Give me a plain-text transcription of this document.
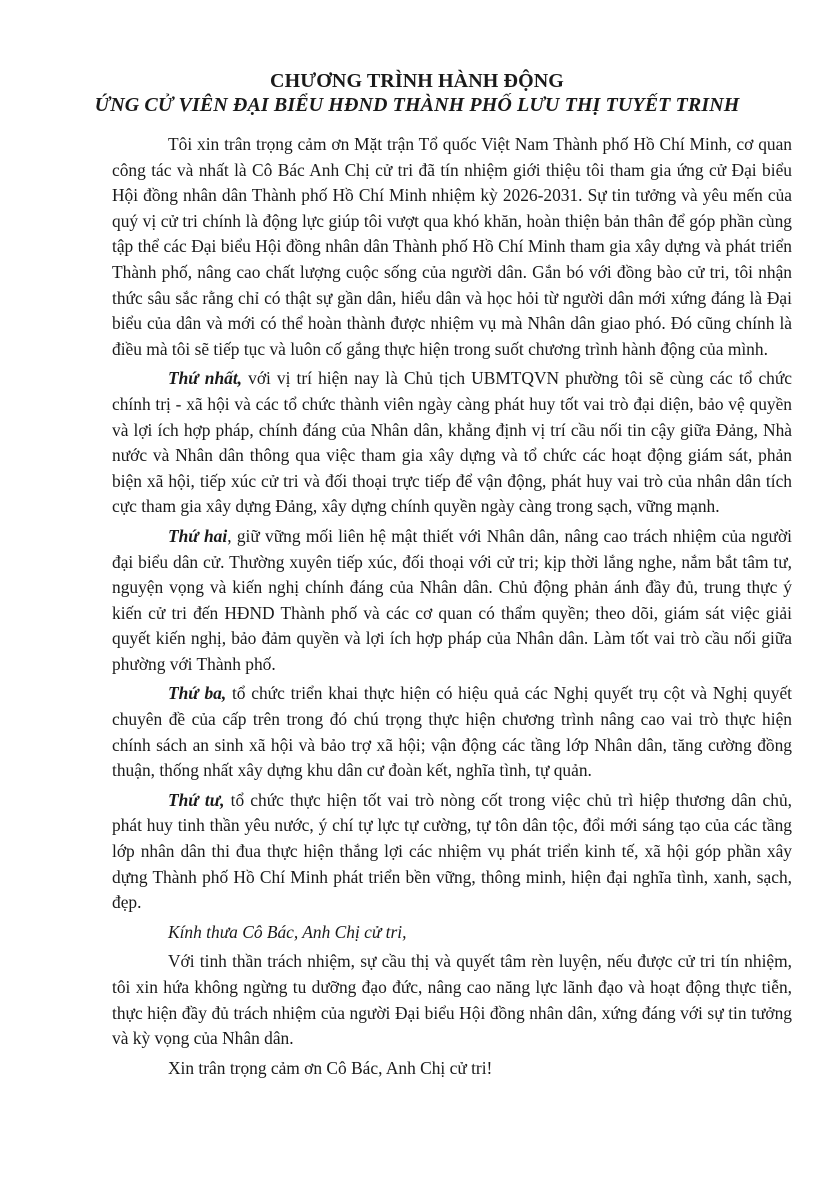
CHƯƠNG TRÌNH HÀNH ĐỘNG
ỨNG CỬ VIÊN ĐẠI BIỂU HĐND THÀNH PHỐ LƯU THỊ TUYẾT TRINH

Tôi xin trân trọng cảm ơn Mặt trận Tổ quốc Việt Nam Thành phố Hồ Chí Minh, cơ quan công tác và nhất là Cô Bác Anh Chị cử tri đã tín nhiệm giới thiệu tôi tham gia ứng cử Đại biểu Hội đồng nhân dân Thành phố Hồ Chí Minh nhiệm kỳ 2026-2031. Sự tin tưởng và yêu mến của quý vị cử tri chính là động lực giúp tôi vượt qua khó khăn, hoàn thiện bản thân để góp phần cùng tập thể các Đại biểu Hội đồng nhân dân Thành phố Hồ Chí Minh tham gia xây dựng và phát triển Thành phố, nâng cao chất lượng cuộc sống của người dân. Gắn bó với đồng bào cử tri, tôi nhận thức sâu sắc rằng chỉ có thật sự gần dân, hiểu dân và học hỏi từ người dân mới xứng đáng là Đại biểu của dân và mới có thể hoàn thành được nhiệm vụ mà Nhân dân giao phó. Đó cũng chính là điều mà tôi sẽ tiếp tục và luôn cố gắng thực hiện trong suốt chương trình hành động của mình.

Thứ nhất, với vị trí hiện nay là Chủ tịch UBMTQVN phường tôi sẽ cùng các tổ chức chính trị - xã hội và các tổ chức thành viên ngày càng phát huy tốt vai trò đại diện, bảo vệ quyền và lợi ích hợp pháp, chính đáng của Nhân dân, khẳng định vị trí cầu nối tin cậy giữa Đảng, Nhà nước và Nhân dân thông qua việc tham gia xây dựng và tổ chức các hoạt động giám sát, phản biện xã hội, tiếp xúc cử tri và đối thoại trực tiếp để vận động, phát huy vai trò của nhân dân tích cực tham gia xây dựng Đảng, xây dựng chính quyền ngày càng trong sạch, vững mạnh.

Thứ hai, giữ vững mối liên hệ mật thiết với Nhân dân, nâng cao trách nhiệm của người đại biểu dân cử. Thường xuyên tiếp xúc, đối thoại với cử tri; kịp thời lắng nghe, nắm bắt tâm tư, nguyện vọng và kiến nghị chính đáng của Nhân dân. Chủ động phản ánh đầy đủ, trung thực ý kiến cử tri đến HĐND Thành phố và các cơ quan có thẩm quyền; theo dõi, giám sát việc giải quyết kiến nghị, bảo đảm quyền và lợi ích hợp pháp của Nhân dân. Làm tốt vai trò cầu nối giữa phường với Thành phố.

Thứ ba, tổ chức triển khai thực hiện có hiệu quả các Nghị quyết trụ cột và Nghị quyết chuyên đề của cấp trên trong đó chú trọng thực hiện chương trình nâng cao vai trò thực hiện chính sách an sinh xã hội và bảo trợ xã hội; vận động các tầng lớp Nhân dân, tăng cường đồng thuận, thống nhất xây dựng khu dân cư đoàn kết, nghĩa tình, tự quản.

Thứ tư, tổ chức thực hiện tốt vai trò nòng cốt trong việc chủ trì hiệp thương dân chủ, phát huy tinh thần yêu nước, ý chí tự lực tự cường, tự tôn dân tộc, đổi mới sáng tạo của các tầng lớp nhân dân thi đua thực hiện thắng lợi các nhiệm vụ phát triển kinh tế, xã hội góp phần xây dựng Thành phố Hồ Chí Minh phát triển bền vững, thông minh, hiện đại nghĩa tình, xanh, sạch, đẹp.

Kính thưa Cô Bác, Anh Chị cử tri,

Với tinh thần trách nhiệm, sự cầu thị và quyết tâm rèn luyện, nếu được cử tri tín nhiệm, tôi xin hứa không ngừng tu dưỡng đạo đức, nâng cao năng lực lãnh đạo và hoạt động thực tiễn, thực hiện đầy đủ trách nhiệm của người Đại biểu Hội đồng nhân dân, xứng đáng với sự tin tưởng và kỳ vọng của Nhân dân.

Xin trân trọng cảm ơn Cô Bác, Anh Chị cử tri!
